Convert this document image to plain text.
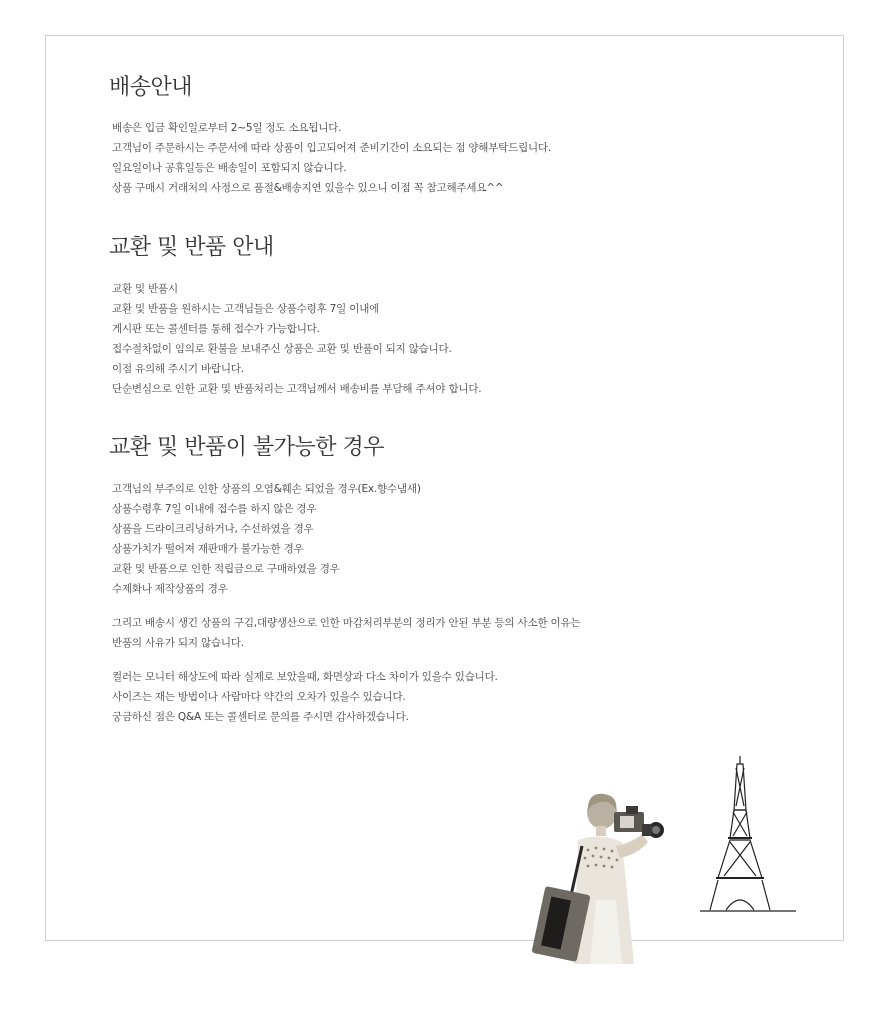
배송안내
배송은 입금 확인일로부터 2~5일 정도 소요됩니다.
고객님이 주문하시는 주문서에 따라 상품이 입고되어져 준비기간이 소요되는 점 양해부탁드립니다.
일요일이나 공휴일등은 배송일이 포함되지 않습니다.
상품 구매시 거래처의 사정으로 품절&배송지연 있을수 있으니 이점 꼭 참고해주세요^^
교환 및 반품 안내
교환 및 반품시
교환 및 반품을 원하시는 고객님들은 상품수령후 7일 이내에
게시판 또는 콜센터를 통해 접수가 가능합니다.
접수절차없이 임의로 환불을 보내주신 상품은 교환 및 반품이 되지 않습니다.
이점 유의해 주시기 바랍니다.
단순변심으로 인한 교환 및 반품처리는 고객님께서 배송비를 부담해 주셔야 합니다.
교환 및 반품이 불가능한 경우
고객님의 부주의로 인한 상품의 오염&훼손 되었을 경우(Ex.향수냄새)
상품수령후 7일 이내에 접수를 하지 않은 경우
상품을 드라이크리닝하거나, 수선하였을 경우
상품가치가 떨어져 재판매가 불가능한 경우
교환 및 반품으로 인한 적립금으로 구매하였을 경우
수제화나 제작상품의 경우
그리고 배송시 생긴 상품의 구김,대량생산으로 인한 마감처리부분의 정리가 안된 부분 등의 사소한 이유는
반품의 사유가 되지 않습니다.
컬러는 모니터 해상도에 따라 실제로 보았을때, 화면상과 다소 차이가 있을수 있습니다.
사이즈는 재는 방법이나 사람마다 약간의 오차가 있을수 있습니다.
궁금하신 점은 Q&A 또는 콜센터로 문의를 주시면 감사하겠습니다.
